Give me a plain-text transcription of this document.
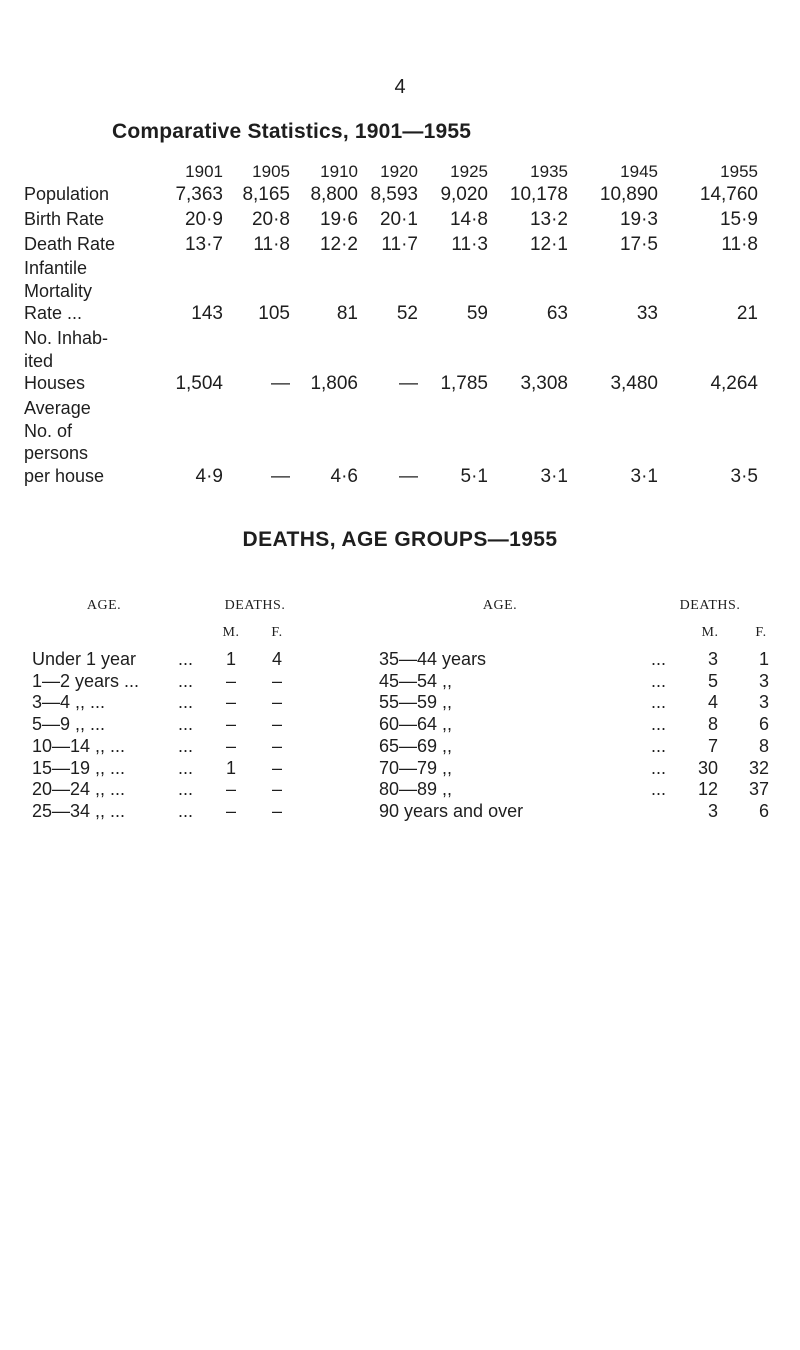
4
Comparative Statistics, 1901—1955
1901	1905	1910	1920	1925	1935	1945	1955
Population	7,363	8,165	8,800 8,593	9,020	10,178	10,890	14,760
Birth Rate	20·9	20·8	19·6	20·1	14·8	13·2	19·3	15·9
Death Rate	13·7	11·8	12·2	11·7	11·3	12·1	17·5	11·8
Infantile
Mortality
Rate ...	143	105	81	52	59	63	33	21
No. Inhab-
ited
Houses	1,504	—	1,806	—	1,785	3,308	3,480	4,264
Average
No. of
persons
per house	4·9	—	4·6	—	5·1	3·1	3·1	3·5
DEATHS, AGE GROUPS—1955
AGE.	DEATHS.	AGE.	DEATHS.
M.	F.	M.	F.
Under 1 year ...	1	4
1—2 years ... ...	–	–
3—4 ,, ...	...	–	–
5—9 ,, ...	...	–	–
10—14 ,, ...	...	–	–
15—19 ,, ...	...	1	–
20—24 ,, ...	...	–	–
25—34 ,, ...	...	–	–
35—44 years	...	3	1
45—54 ,,	...	5	3
55—59 ,,	...	4	3
60—64 ,,	...	8	6
65—69 ,,	...	7	8
70—79 ,,	...	30	32
80—89 ,,	...	12	37
90 years and over	3	6
